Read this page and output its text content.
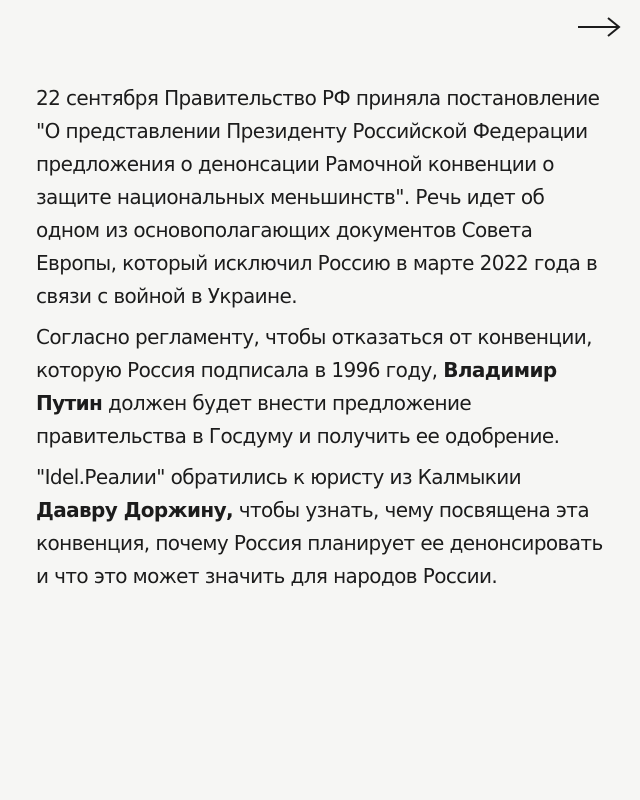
22 сентября Правительство РФ приняла постановление "О представлении Президенту Российской Федерации предложения о денонсации Рамочной конвенции о защите национальных меньшинств". Речь идет об одном из основополагающих документов Совета Европы, который исключил Россию в марте 2022 года в связи с войной в Украине.

Согласно регламенту, чтобы отказаться от конвенции, которую Россия подписала в 1996 году, Владимир Путин должен будет внести предложение правительства в Госдуму и получить ее одобрение.

"Idel.Реалии" обратились к юристу из Калмыкии Даавру Доржину, чтобы узнать, чему посвящена эта конвенция, почему Россия планирует ее денонсировать и что это может значить для народов России.
